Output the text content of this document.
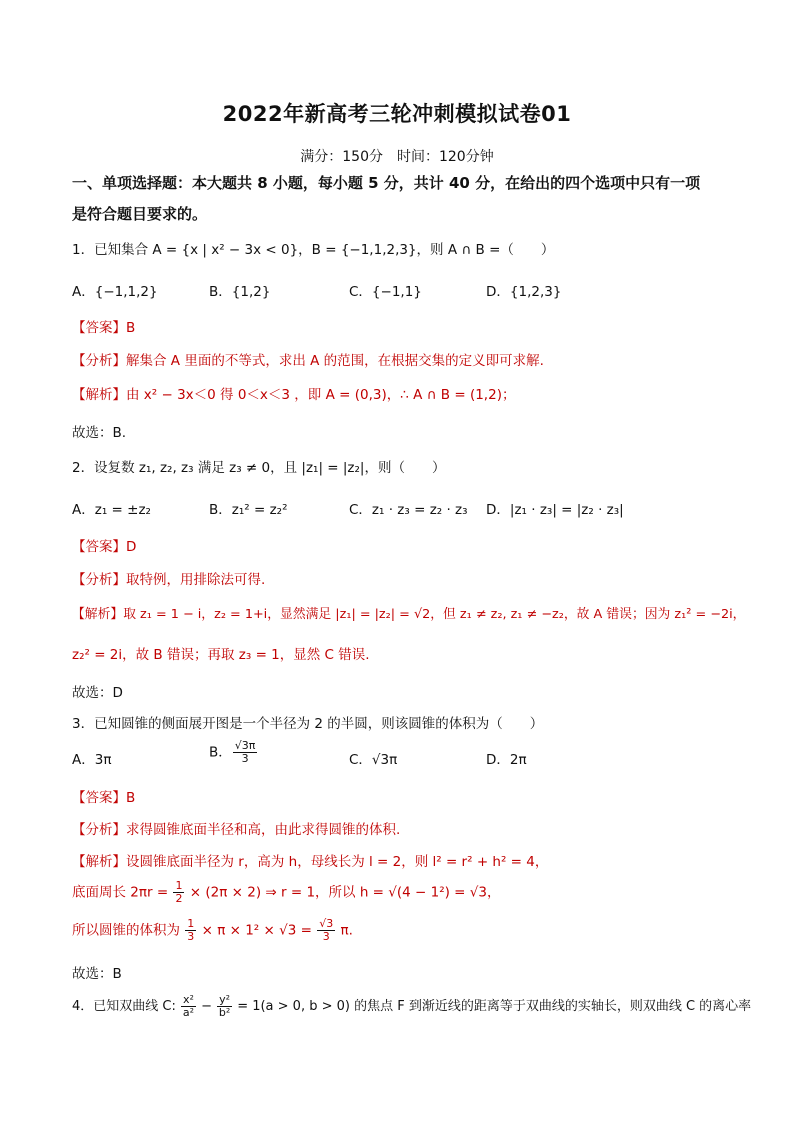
2022年新高考三轮冲刺模拟试卷01
满分：150分　时间：120分钟
一、单项选择题：本大题共 8 小题，每小题 5 分，共计 40 分，在给出的四个选项中只有一项
是符合题目要求的。
1．已知集合 A = {x | x² − 3x < 0}，B = {−1,1,2,3}，则 A ∩ B =（　　）
A．{−1,1,2}	B．{1,2}	C．{−1,1}	D．{1,2,3}
【答案】B
【分析】解集合 A 里面的不等式，求出 A 的范围，在根据交集的定义即可求解.
【解析】由 x² − 3x＜0 得 0＜x＜3 ，即 A = (0,3)，∴ A ∩ B = (1,2)；
故选：B.
2．设复数 z₁, z₂, z₃ 满足 z₃ ≠ 0，且 |z₁| = |z₂|，则（　　）
A．z₁ = ±z₂	B．z₁² = z₂²	C．z₁ · z₃ = z₂ · z₃ D．|z₁ · z₃| = |z₂ · z₃|
【答案】D
【分析】取特例，用排除法可得.
【解析】取 z₁ = 1 − i，z₂ = 1+i，显然满足 |z₁| = |z₂| = √2，但 z₁ ≠ z₂, z₁ ≠ −z₂，故 A 错误；因为 z₁² = −2i，
z₂² = 2i，故 B 错误；再取 z₃ = 1，显然 C 错误.
故选：D
3．已知圆锥的侧面展开图是一个半径为 2 的半圆，则该圆锥的体积为（　　）
A．3π	B． $\frac{√3\pi}{3}$	C．√3π	D．2π
【答案】B
【分析】求得圆锥底面半径和高，由此求得圆锥的体积.
【解析】设圆锥底面半径为 r，高为 h，母线长为 l = 2，则 l² = r² + h² = 4，
底面周长 $2\pi r = \frac{1}{2} \times (2\pi \times 2)$ ⇒ r = 1，所以 h = √(4 − 1²) = √3，
所以圆锥的体积为 $\frac{1}{3} \times \pi \times 1^2 \times √3 = \frac{√3}{3} \pi$.
故选：B
4．已知双曲线 C: $\frac{\text{x²}}{\text{a²}} - \frac{\text{y²}}{\text{b²}} = 1(a > 0$, b > 0) 的焦点 F 到渐近线的距离等于双曲线的实轴长，则双曲线 C 的离心率
